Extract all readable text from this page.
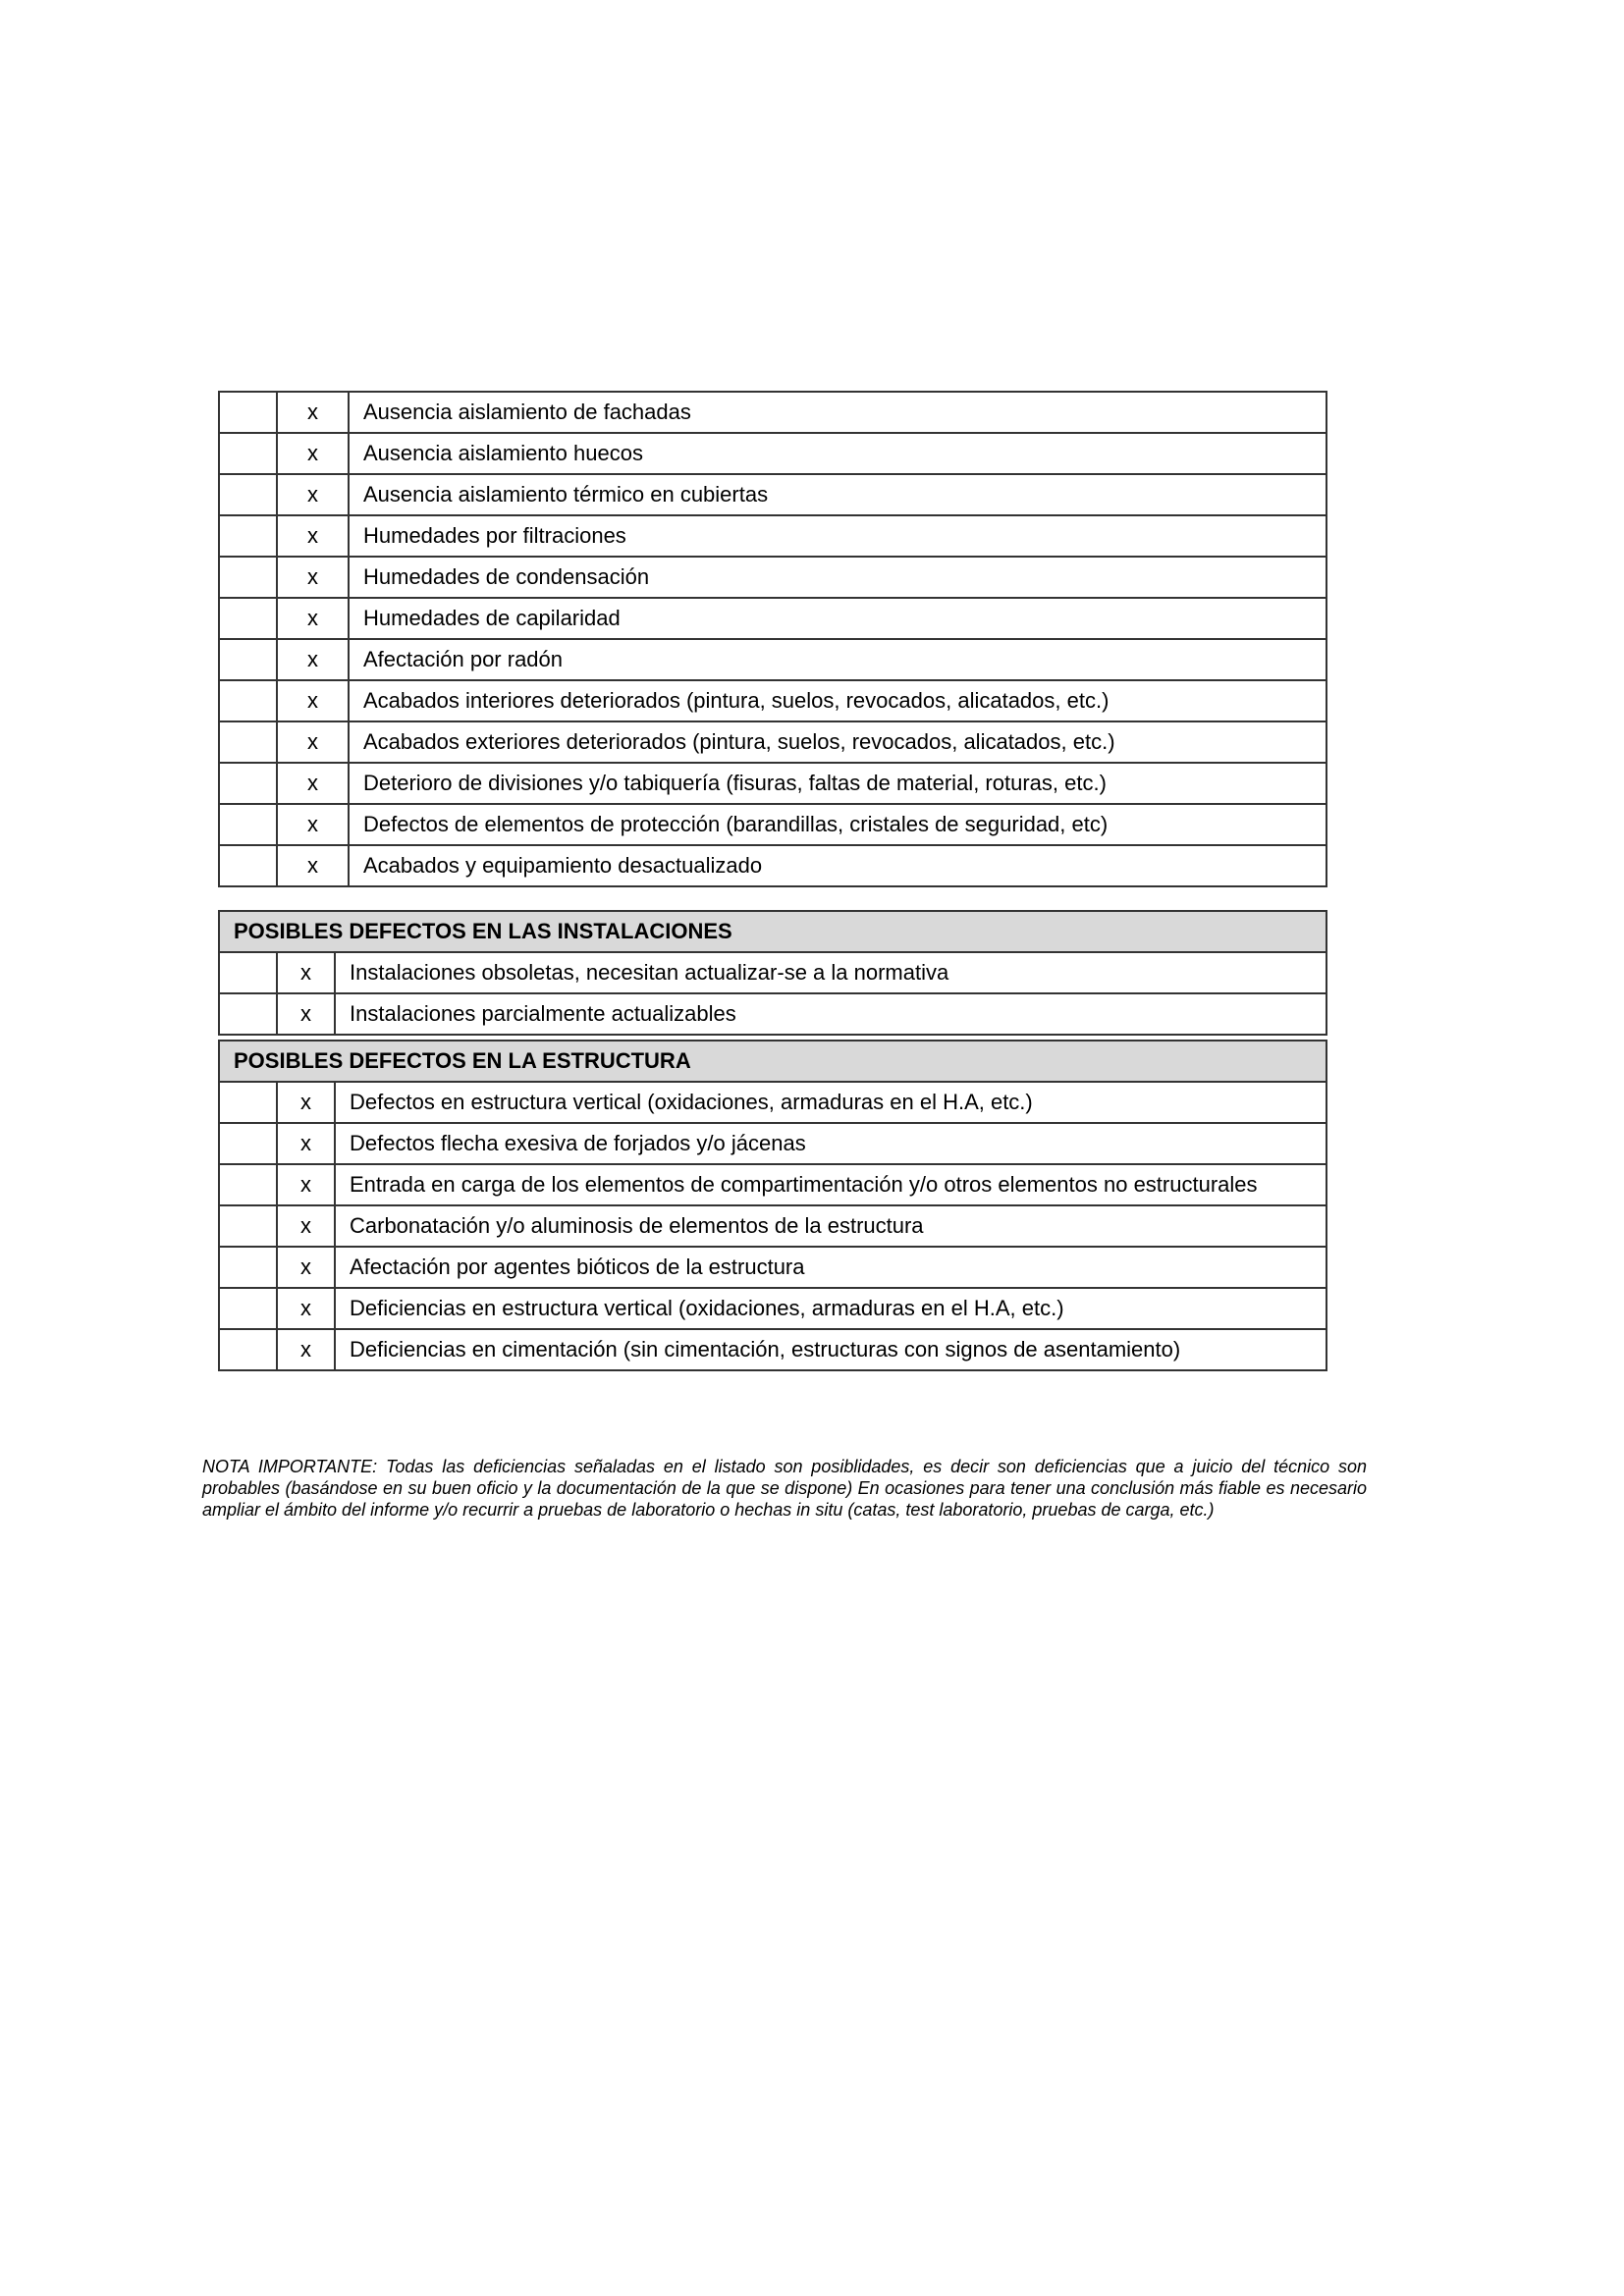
	x	Ausencia aislamiento de fachadas
	x	Ausencia aislamiento huecos
	x	Ausencia aislamiento térmico en cubiertas
	x	Humedades por filtraciones
	x	Humedades de condensación
	x	Humedades de capilaridad
	x	Afectación por radón
	x	Acabados interiores deteriorados (pintura, suelos, revocados, alicatados, etc.)
	x	Acabados exteriores deteriorados (pintura, suelos, revocados, alicatados, etc.)
	x	Deterioro de divisiones y/o tabiquería (fisuras, faltas de material, roturas, etc.)
	x	Defectos de elementos de protección (barandillas, cristales de seguridad, etc)
	x	Acabados y equipamiento desactualizado
POSIBLES DEFECTOS EN LAS INSTALACIONES		
	x	Instalaciones obsoletas, necesitan actualizar-se a la normativa
	x	Instalaciones parcialmente actualizables
POSIBLES DEFECTOS EN LA ESTRUCTURA		
	x	Defectos en estructura vertical (oxidaciones, armaduras en el H.A, etc.)
	x	Defectos flecha exesiva de forjados y/o jácenas
	x	Entrada en carga de los elementos de compartimentación y/o otros elementos no estructurales
	x	Carbonatación y/o aluminosis de elementos de la estructura
	x	Afectación por agentes bióticos de la estructura
	x	Deficiencias en estructura vertical (oxidaciones, armaduras en el H.A, etc.)
	x	Deficiencias en cimentación (sin cimentación, estructuras con signos de asentamiento)

NOTA IMPORTANTE: Todas las deficiencias señaladas en el listado son posiblidades, es decir son deficiencias que a juicio del técnico son probables (basándose en su buen oficio y la documentación de la que se dispone) En ocasiones para tener una conclusión más fiable es necesario ampliar el ámbito del informe y/o recurrir a pruebas de laboratorio o hechas in situ (catas, test laboratorio, pruebas de carga, etc.)
